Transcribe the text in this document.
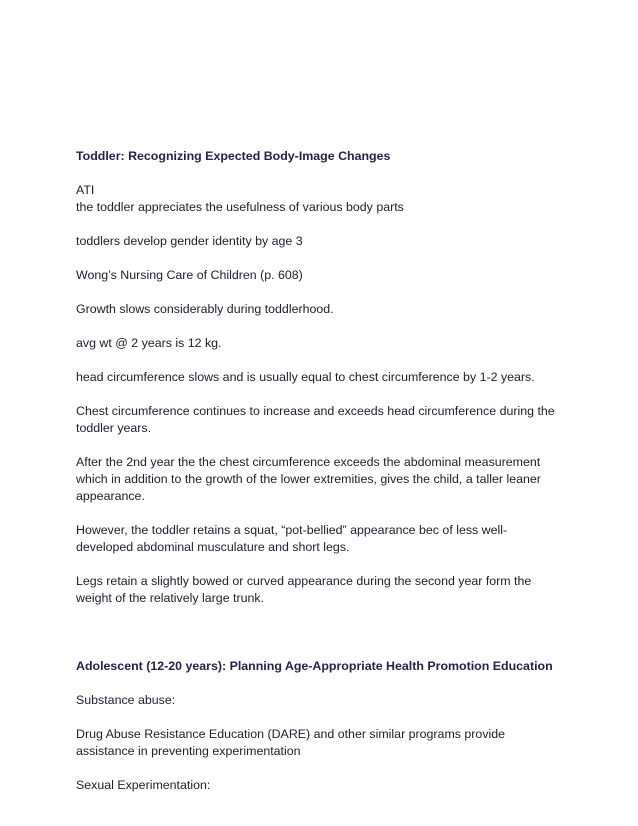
Toddler: Recognizing Expected Body-Image Changes
ATI
the toddler appreciates the usefulness of various body parts
toddlers develop gender identity by age 3
Wong’s Nursing Care of Children (p. 608)
Growth slows considerably during toddlerhood.
avg wt @ 2 years is 12 kg.
head circumference slows and is usually equal to chest circumference by 1-2 years.
Chest circumference continues to increase and exceeds head circumference during the
toddler years.
After the 2nd year the the chest circumference exceeds the abdominal measurement
which in addition to the growth of the lower extremities, gives the child, a taller leaner
appearance.
However, the toddler retains a squat, “pot-bellied” appearance bec of less well-
developed abdominal musculature and short legs.
Legs retain a slightly bowed or curved appearance during the second year form the
weight of the relatively large trunk.
Adolescent (12-20 years): Planning Age-Appropriate Health Promotion Education
Substance abuse:
Drug Abuse Resistance Education (DARE) and other similar programs provide
assistance in preventing experimentation
Sexual Experimentation:
